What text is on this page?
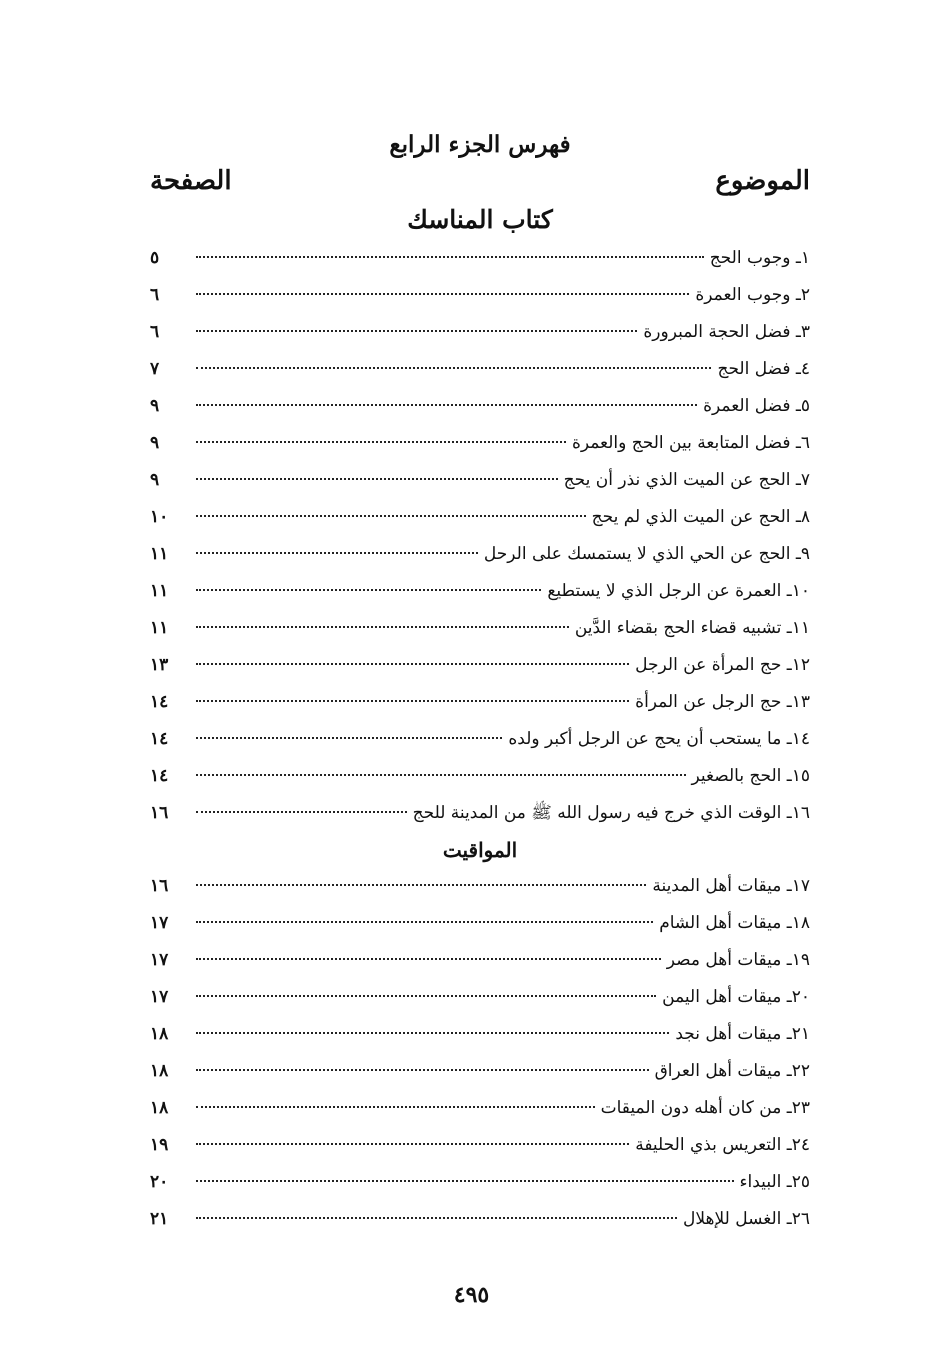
فهرس الجزء الرابع
الموضوع
الصفحة
كتاب المناسك
١ـ وجوب الحج
٥
٢ـ وجوب العمرة
٦
٣ـ فضل الحجة المبرورة
٦
٤ـ فضل الحج
٧
٥ـ فضل العمرة
٩
٦ـ فضل المتابعة بين الحج والعمرة
٩
٧ـ الحج عن الميت الذي نذر أن يحج
٩
٨ـ الحج عن الميت الذي لم يحج
١٠
٩ـ الحج عن الحي الذي لا يستمسك على الرحل
١١
١٠ـ العمرة عن الرجل الذي لا يستطيع
١١
١١ـ تشبيه قضاء الحج بقضاء الدَّين
١١
١٢ـ حج المرأة عن الرجل
١٣
١٣ـ حج الرجل عن المرأة
١٤
١٤ـ ما يستحب أن يحج عن الرجل أكبر ولده
١٤
١٥ـ الحج بالصغير
١٤
١٦ـ الوقت الذي خرج فيه رسول الله ﷺ من المدينة للحج
١٦
المواقيت
١٧ـ ميقات أهل المدينة
١٦
١٨ـ ميقات أهل الشام
١٧
١٩ـ ميقات أهل مصر
١٧
٢٠ـ ميقات أهل اليمن
١٧
٢١ـ ميقات أهل نجد
١٨
٢٢ـ ميقات أهل العراق
١٨
٢٣ـ من كان أهله دون الميقات
١٨
٢٤ـ التعريس بذي الحليفة
١٩
٢٥ـ البيداء
٢٠
٢٦ـ الغسل للإهلال
٢١
٤٩٥
